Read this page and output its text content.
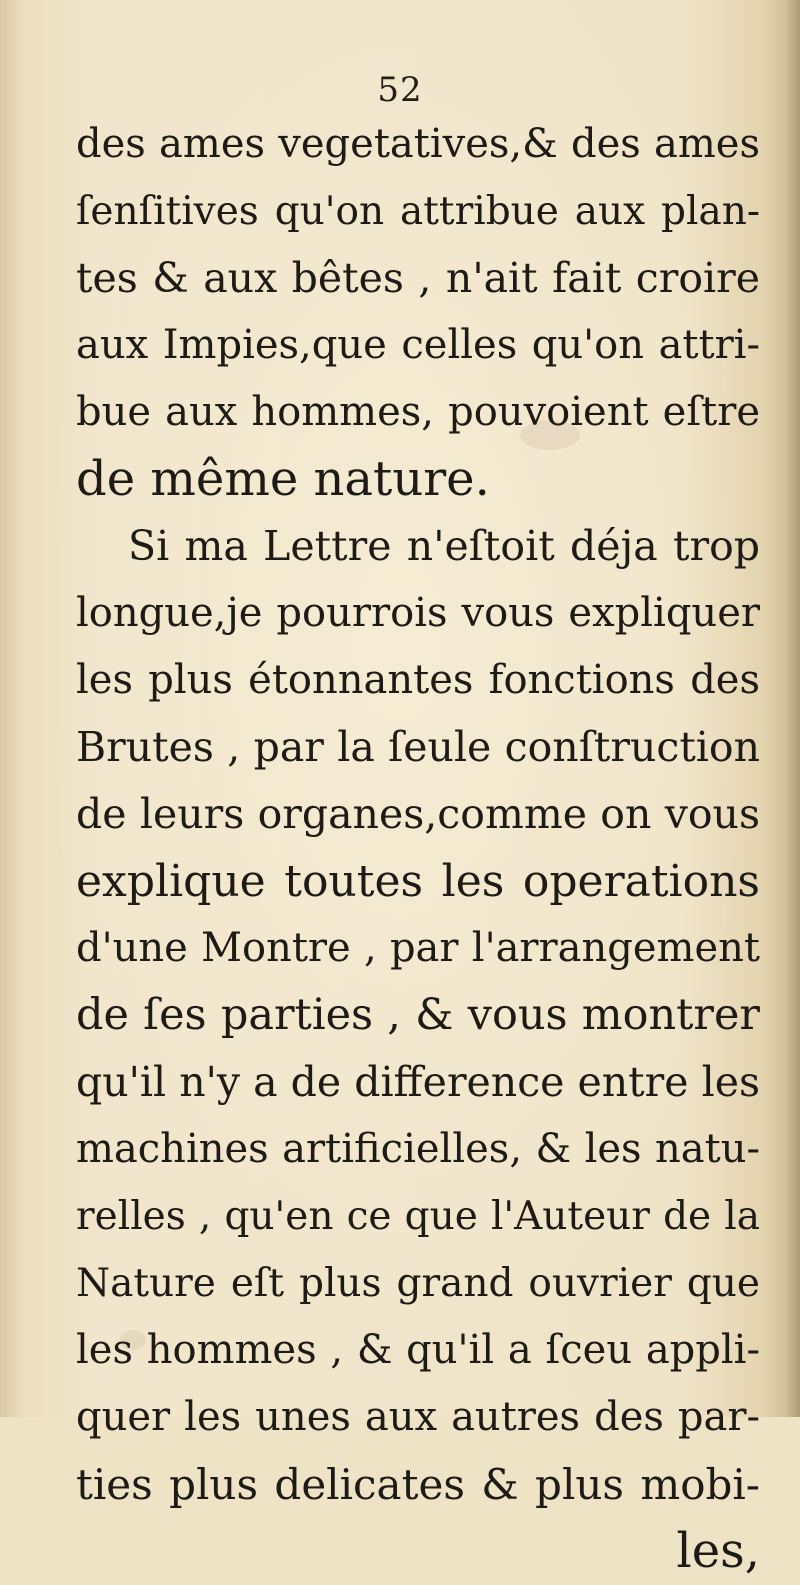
52
des ames vegetatives,& des ames
ſenſitives qu'on attribue aux plan-
tes & aux bêtes , n'ait fait croire
aux Impies,que celles qu'on attri-
bue aux hommes, pouvoient eſtre
de même nature.
Si ma Lettre n'eſtoit déja trop
longue,je pourrois vous expliquer
les plus étonnantes fonctions des
Brutes , par la ſeule conſtruction
de leurs organes,comme on vous
explique toutes les operations
d'une Montre , par l'arrangement
de ſes parties , & vous montrer
qu'il n'y a de difference entre les
machines artificielles, & les natu-
relles , qu'en ce que l'Auteur de la
Nature eſt plus grand ouvrier que
les hommes , & qu'il a ſceu appli-
quer les unes aux autres des par-
ties plus delicates & plus mobi-
les,
